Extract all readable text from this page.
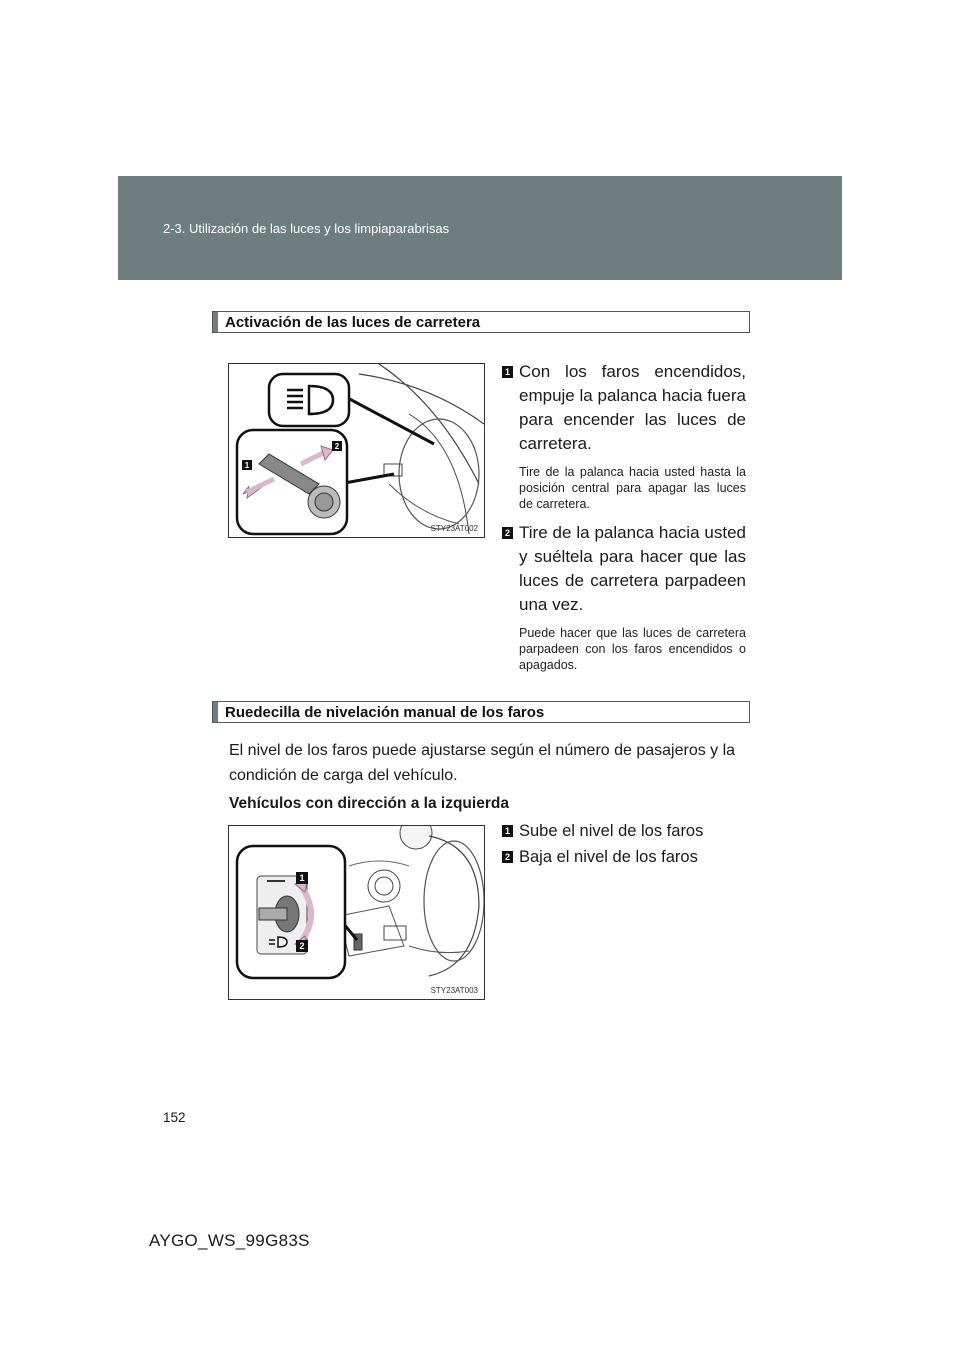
2-3. Utilización de las luces y los limpiaparabrisas
Activación de las luces de carretera
1
2
STY23AT002
1 Con los faros encendidos, empuje la palanca hacia fuera para encender las luces de carretera.
Tire de la palanca hacia usted hasta la posición central para apagar las luces de carretera.
2 Tire de la palanca hacia usted y suéltela para hacer que las luces de carretera parpadeen una vez.
Puede hacer que las luces de carretera parpadeen con los faros encendidos o apagados.
Ruedecilla de nivelación manual de los faros
El nivel de los faros puede ajustarse según el número de pasajeros y la condición de carga del vehículo.
Vehículos con dirección a la izquierda
1
2
STY23AT003
1 Sube el nivel de los faros
2 Baja el nivel de los faros
152
AYGO_WS_99G83S
